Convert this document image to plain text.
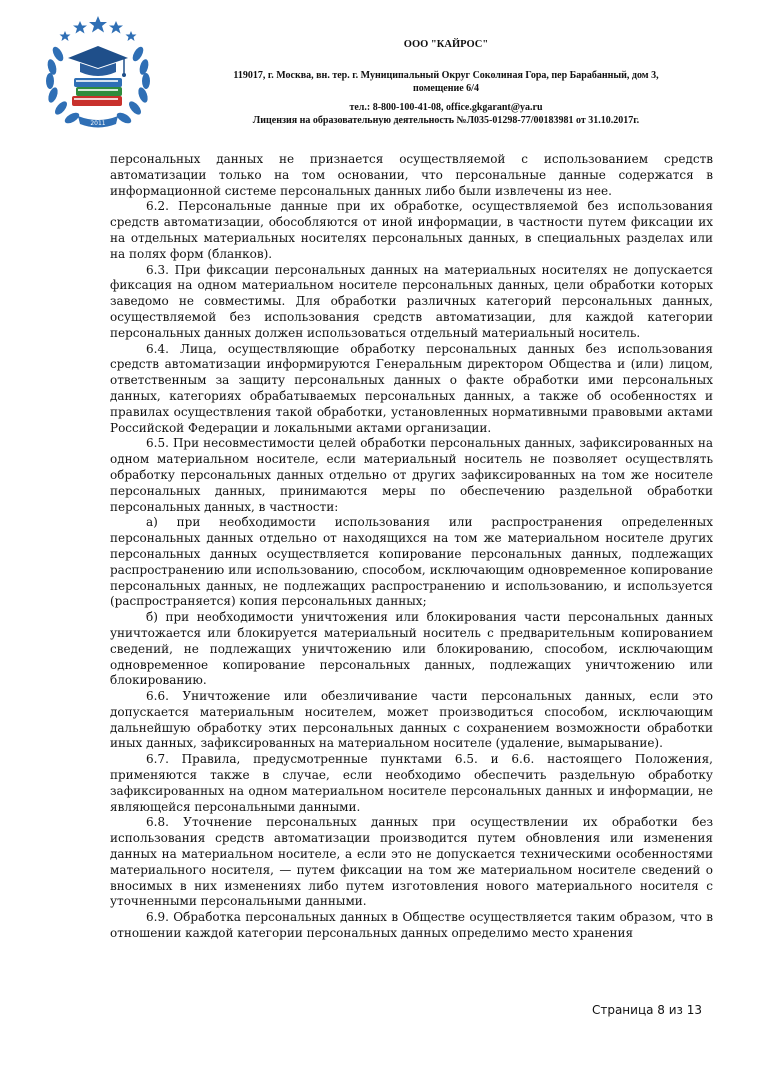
2011
ООО "КАЙРОС"
119017, г. Москва, вн. тер. г. Муниципальный Округ Соколиная Гора, пер Барабанный, дом 3,
помещение 6/4
тел.: 8-800-100-41-08, office.gkgarant@ya.ru
Лицензия на образовательную деятельность №Л035-01298-77/00183981 от 31.10.2017г.

персональных данных не признается осуществляемой с использованием средств автоматизации только на том основании, что персональные данные содержатся в информационной системе персональных данных либо были извлечены из нее.

6.2. Персональные данные при их обработке, осуществляемой без использования средств автоматизации, обособляются от иной информации, в частности путем фиксации их на отдельных материальных носителях персональных данных, в специальных разделах или на полях форм (бланков).

6.3. При фиксации персональных данных на материальных носителях не допускается фиксация на одном материальном носителе персональных данных, цели обработки которых заведомо не совместимы. Для обработки различных категорий персональных данных, осуществляемой без использования средств автоматизации, для каждой категории персональных данных должен использоваться отдельный материальный носитель.

6.4. Лица, осуществляющие обработку персональных данных без использования средств автоматизации информируются Генеральным директором Общества и (или) лицом, ответственным за защиту персональных данных о факте обработки ими персональных данных, категориях обрабатываемых персональных данных, а также об особенностях и правилах осуществления такой обработки, установленных нормативными правовыми актами Российской Федерации и локальными актами организации.

6.5. При несовместимости целей обработки персональных данных, зафиксированных на одном материальном носителе, если материальный носитель не позволяет осуществлять обработку персональных данных отдельно от других зафиксированных на том же носителе персональных данных, принимаются меры по обеспечению раздельной обработки персональных данных, в частности:

а) при необходимости использования или распространения определенных персональных данных отдельно от находящихся на том же материальном носителе других персональных данных осуществляется копирование персональных данных, подлежащих распространению или использованию, способом, исключающим одновременное копирование персональных данных, не подлежащих распространению и использованию, и используется (распространяется) копия персональных данных;

б) при необходимости уничтожения или блокирования части персональных данных уничтожается или блокируется материальный носитель с предварительным копированием сведений, не подлежащих уничтожению или блокированию, способом, исключающим одновременное копирование персональных данных, подлежащих уничтожению или блокированию.

6.6. Уничтожение или обезличивание части персональных данных, если это допускается материальным носителем, может производиться способом, исключающим дальнейшую обработку этих персональных данных с сохранением возможности обработки иных данных, зафиксированных на материальном носителе (удаление, вымарывание).

6.7. Правила, предусмотренные пунктами 6.5. и 6.6. настоящего Положения, применяются также в случае, если необходимо обеспечить раздельную обработку зафиксированных на одном материальном носителе персональных данных и информации, не являющейся персональными данными.

6.8. Уточнение персональных данных при осуществлении их обработки без использования средств автоматизации производится путем обновления или изменения данных на материальном носителе, а если это не допускается техническими особенностями материального носителя, — путем фиксации на том же материальном носителе сведений о вносимых в них изменениях либо путем изготовления нового материального носителя с уточненными персональными данными.

6.9. Обработка персональных данных в Обществе осуществляется таким образом, что в отношении каждой категории персональных данных определимо место хранения

Страница 8 из 13
